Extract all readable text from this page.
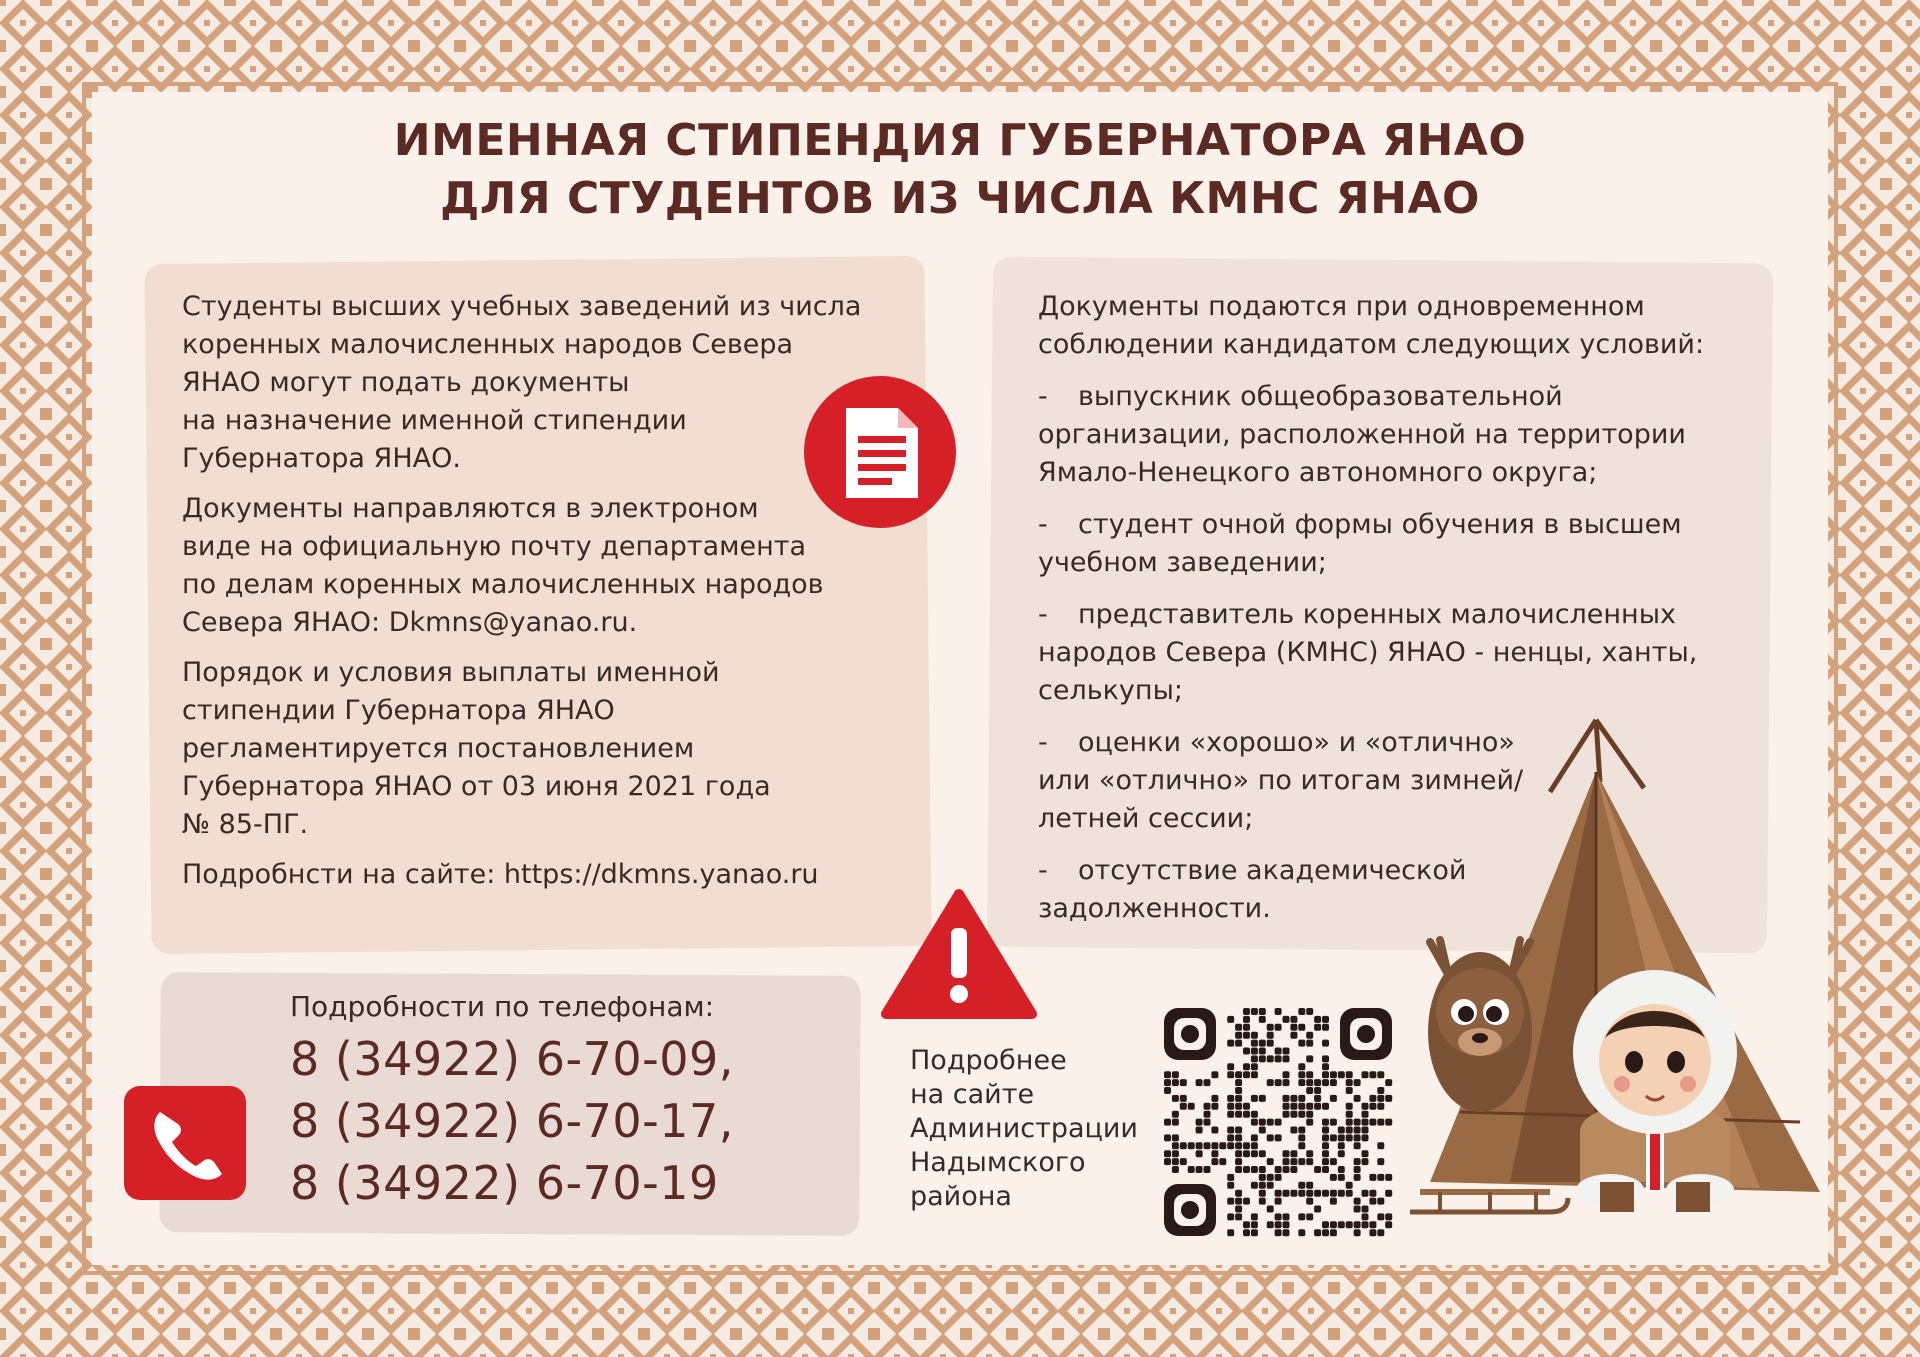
ИМЕННАЯ СТИПЕНДИЯ ГУБЕРНАТОРА ЯНАО
ДЛЯ СТУДЕНТОВ ИЗ ЧИСЛА КМНС ЯНАО

Студенты высших учебных заведений из числа
коренных малочисленных народов Севера
ЯНАО могут подать документы
на назначение именной стипендии
Губернатора ЯНАО.

Документы направляются в электроном
виде на официальную почту департамента
по делам коренных малочисленных народов
Севера ЯНАО: Dkmns@yanao.ru.

Порядок и условия выплаты именной
стипендии Губернатора ЯНАО
регламентируется постановлением
Губернатора ЯНАО от 03 июня 2021 года
№ 85-ПГ.

Подробнсти на сайте: https://dkmns.yanao.ru

Документы подаются при одновременном
соблюдении кандидатом следующих условий:

- выпускник общеобразовательной
организации, расположенной на территории
Ямало-Ненецкого автономного округа;
- студент очной формы обучения в высшем
учебном заведении;
- представитель коренных малочисленных
народов Севера (КМНС) ЯНАО - ненцы, ханты,
селькупы;
- оценки «хорошо» и «отлично»
или «отлично» по итогам зимней/
летней сессии;
- отсутствие академической
задолженности.
Подробности по телефонам:
8 (34922) 6-70-09,
8 (34922) 6-70-17,
8 (34922) 6-70-19
Подробнее
на сайте
Администрации
Надымского
района
